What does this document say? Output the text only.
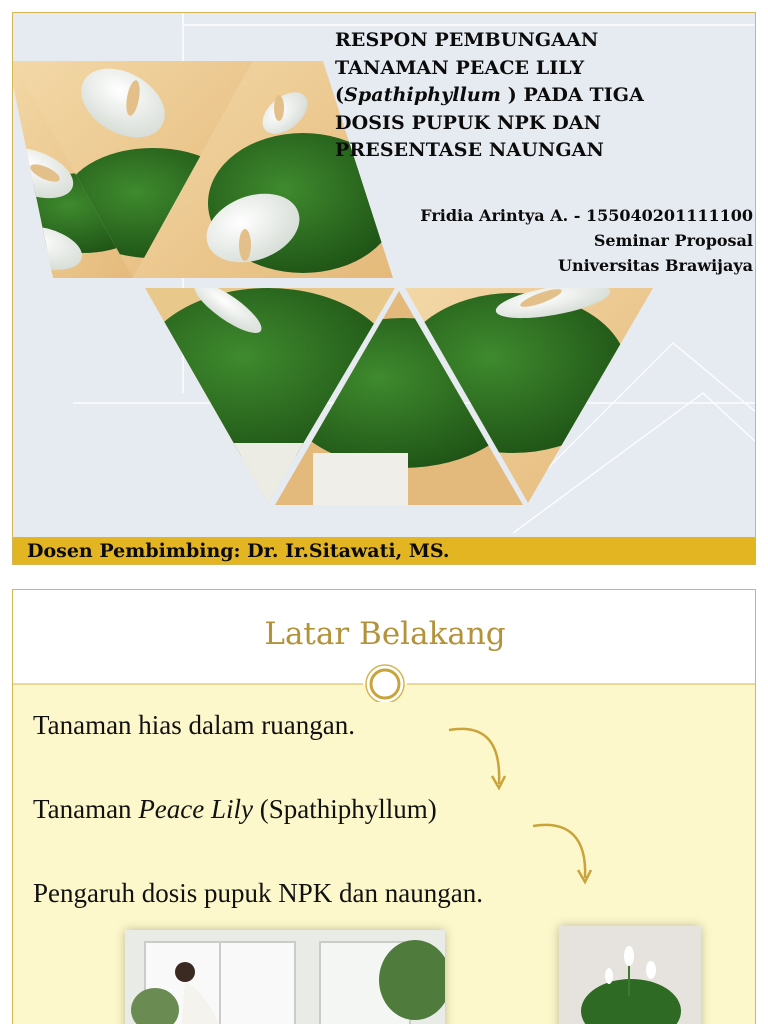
RESPON PEMBUNGAAN
TANAMAN PEACE LILY
(Spathiphyllum ) PADA TIGA
DOSIS PUPUK NPK DAN
PRESENTASE NAUNGAN
Fridia Arintya A. - 155040201111100
Seminar Proposal
Universitas Brawijaya
Dosen Pembimbing: Dr. Ir.Sitawati, MS.
Latar Belakang
Tanaman hias dalam ruangan.
Tanaman Peace Lily (Spathiphyllum)
Pengaruh dosis pupuk NPK dan naungan.
